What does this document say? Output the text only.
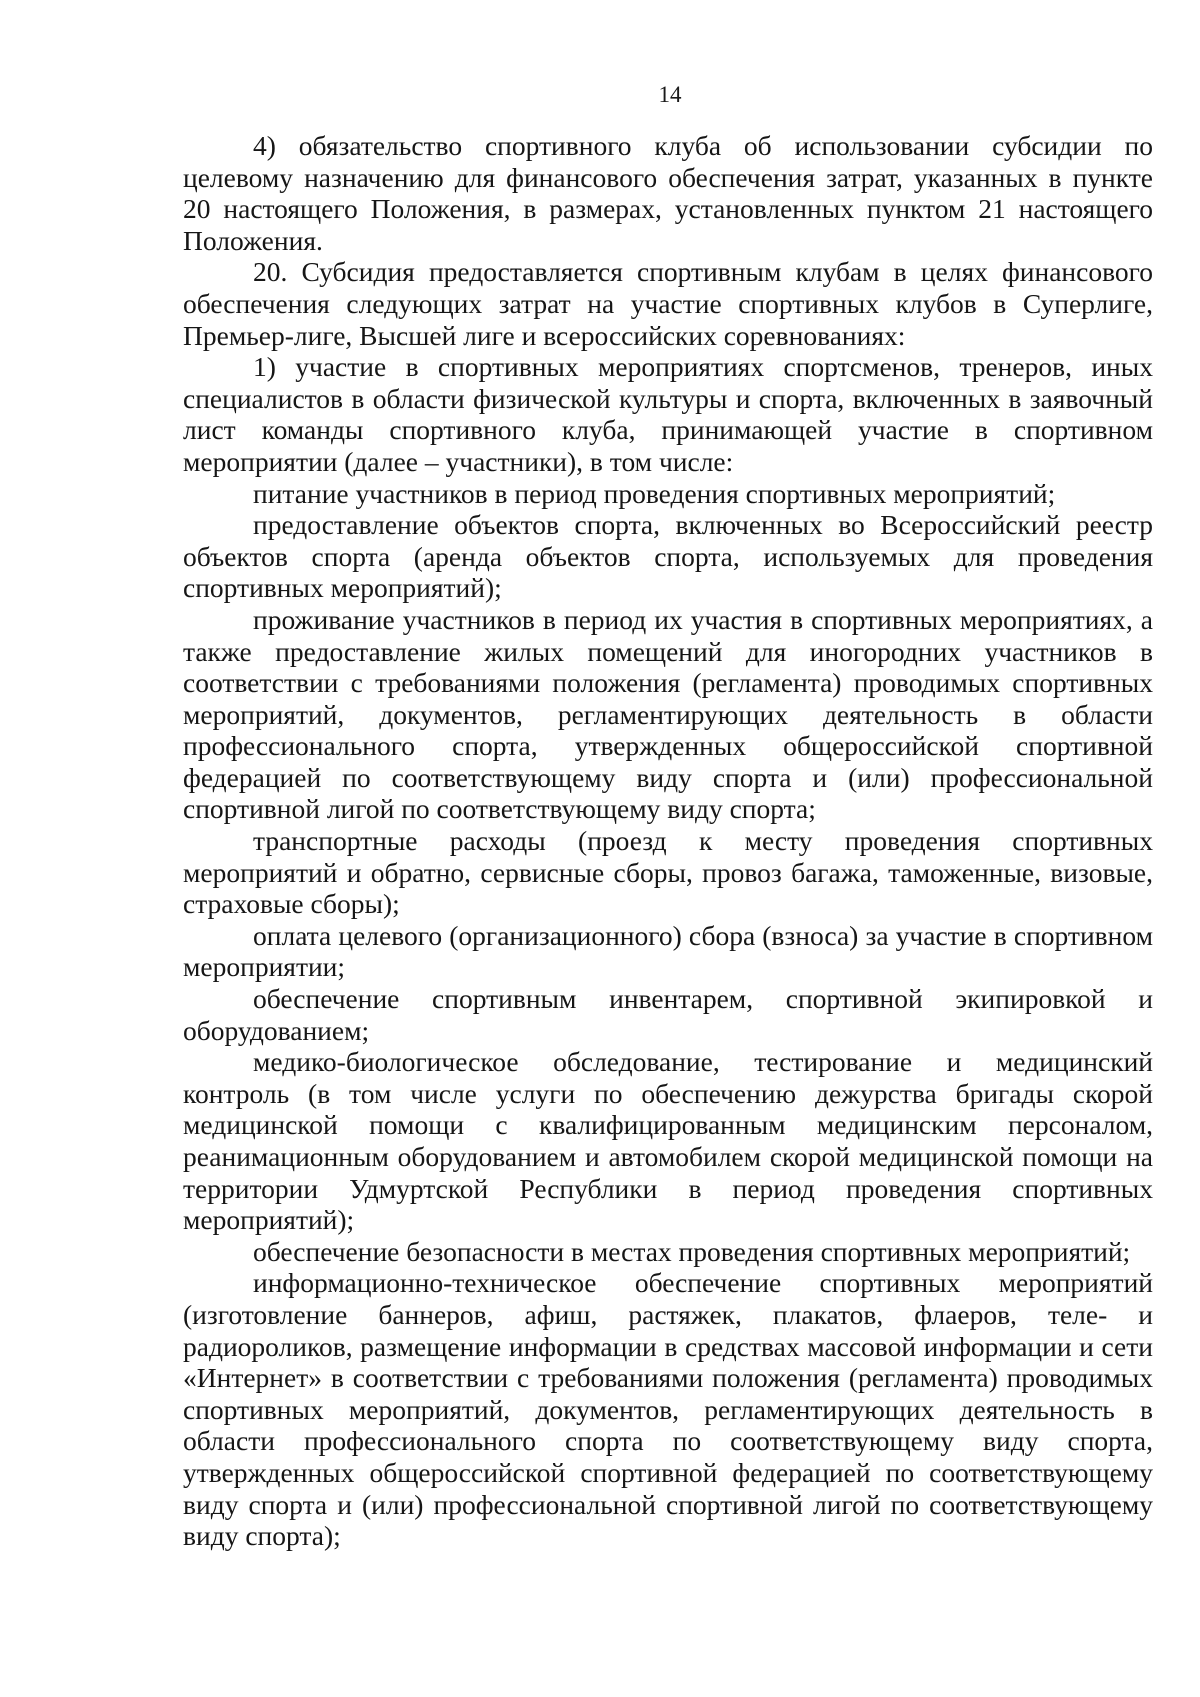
14

4) обязательство спортивного клуба об использовании субсидии по целевому назначению для финансового обеспечения затрат, указанных в пункте 20 настоящего Положения, в размерах, установленных пунктом 21 настоящего Положения.

20. Субсидия предоставляется спортивным клубам в целях финансового обеспечения следующих затрат на участие спортивных клубов в Суперлиге, Премьер-лиге, Высшей лиге и всероссийских соревнованиях:

1) участие в спортивных мероприятиях спортсменов, тренеров, иных специалистов в области физической культуры и спорта, включенных в заявочный лист команды спортивного клуба, принимающей участие в спортивном мероприятии (далее – участники), в том числе:

питание участников в период проведения спортивных мероприятий;

предоставление объектов спорта, включенных во Всероссийский реестр объектов спорта (аренда объектов спорта, используемых для проведения спортивных мероприятий);

проживание участников в период их участия в спортивных мероприятиях, а также предоставление жилых помещений для иногородних участников в соответствии с требованиями положения (регламента) проводимых спортивных мероприятий, документов, регламентирующих деятельность в области профессионального спорта, утвержденных общероссийской спортивной федерацией по соответствующему виду спорта и (или) профессиональной спортивной лигой по соответствующему виду спорта;

транспортные расходы (проезд к месту проведения спортивных мероприятий и обратно, сервисные сборы, провоз багажа, таможенные, визовые, страховые сборы);

оплата целевого (организационного) сбора (взноса) за участие в спортивном мероприятии;

обеспечение спортивным инвентарем, спортивной экипировкой и оборудованием;

медико-биологическое обследование, тестирование и медицинский контроль (в том числе услуги по обеспечению дежурства бригады скорой медицинской помощи с квалифицированным медицинским персоналом, реанимационным оборудованием и автомобилем скорой медицинской помощи на территории Удмуртской Республики в период проведения спортивных мероприятий);

обеспечение безопасности в местах проведения спортивных мероприятий;

информационно-техническое обеспечение спортивных мероприятий (изготовление баннеров, афиш, растяжек, плакатов, флаеров, теле- и радиороликов, размещение информации в средствах массовой информации и сети «Интернет» в соответствии с требованиями положения (регламента) проводимых спортивных мероприятий, документов, регламентирующих деятельность в области профессионального спорта по соответствующему виду спорта, утвержденных общероссийской спортивной федерацией по соответствующему виду спорта и (или) профессиональной спортивной лигой по соответствующему виду спорта);
